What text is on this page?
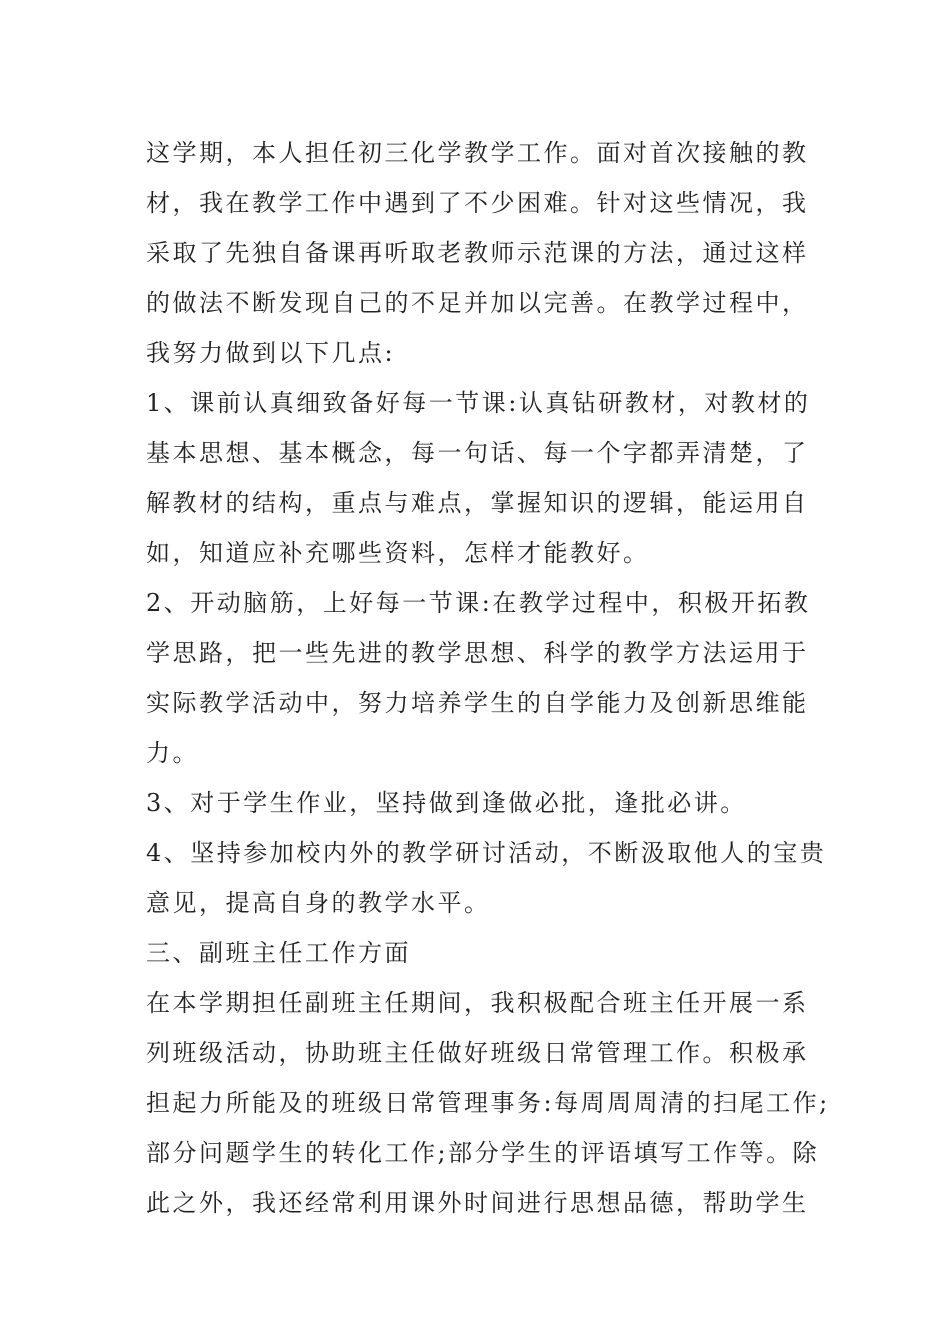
这学期，本人担任初三化学教学工作。面对首次接触的教
材，我在教学工作中遇到了不少困难。针对这些情况，我
采取了先独自备课再听取老教师示范课的方法，通过这样
的做法不断发现自己的不足并加以完善。在教学过程中，
我努力做到以下几点:
1、课前认真细致备好每一节课:认真钻研教材，对教材的
基本思想、基本概念，每一句话、每一个字都弄清楚，了
解教材的结构，重点与难点，掌握知识的逻辑，能运用自
如，知道应补充哪些资料，怎样才能教好。
2、开动脑筋，上好每一节课:在教学过程中，积极开拓教
学思路，把一些先进的教学思想、科学的教学方法运用于
实际教学活动中，努力培养学生的自学能力及创新思维能
力。
3、对于学生作业，坚持做到逢做必批，逢批必讲。
4、坚持参加校内外的教学研讨活动，不断汲取他人的宝贵
意见，提高自身的教学水平。
三、副班主任工作方面
在本学期担任副班主任期间，我积极配合班主任开展一系
列班级活动，协助班主任做好班级日常管理工作。积极承
担起力所能及的班级日常管理事务:每周周周清的扫尾工作;
部分问题学生的转化工作;部分学生的评语填写工作等。除
此之外，我还经常利用课外时间进行思想品德，帮助学生
